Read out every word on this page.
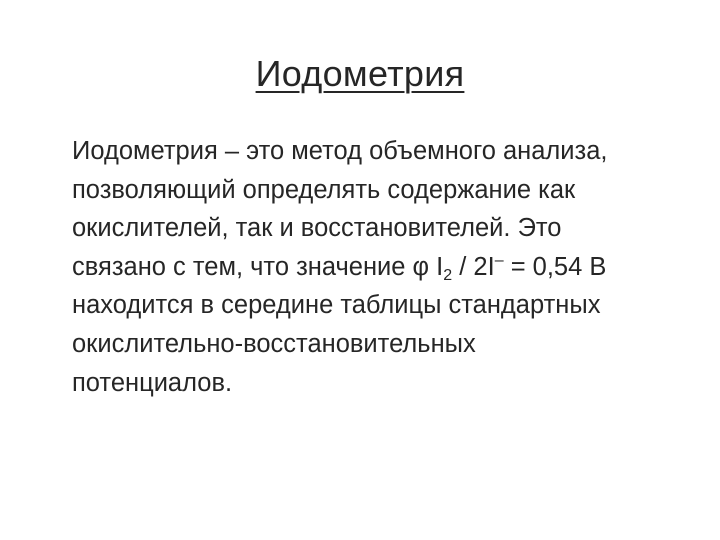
Иодометрия
Иодометрия – это метод объемного анализа,
позволяющий определять содержание как
окислителей, так и восстановителей. Это
связано с тем, что значение φ $I_2 / 2I^- = 0,54$ В
находится в середине таблицы стандартных
окислительно-восстановительных
потенциалов.
